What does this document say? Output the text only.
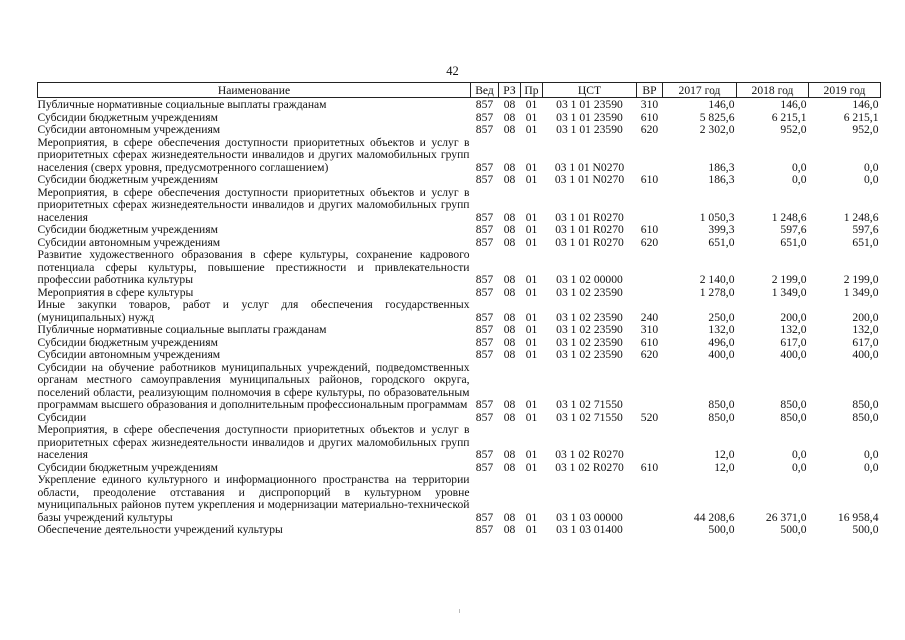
42
Наименование	Вед	РЗ	Пр	ЦСТ	ВР	2017 год	2018 год	2019 год
Публичные нормативные социальные выплаты гражданам	857	08	01	03 1 01 23590	310	146,0	146,0	146,0
Субсидии бюджетным учреждениям	857	08	01	03 1 01 23590	610	5 825,6	6 215,1	6 215,1
Субсидии автономным учреждениям	857	08	01	03 1 01 23590	620	2 302,0	952,0	952,0
Мероприятия, в сфере обеспечения доступности приоритетных объектов и услуг в приоритетных сферах жизнедеятельности инвалидов и других маломобильных групп населения (сверх уровня, предусмотренного соглашением)	857	08	01	03 1 01 N0270		186,3	0,0	0,0
Субсидии бюджетным учреждениям	857	08	01	03 1 01 N0270	610	186,3	0,0	0,0
Мероприятия, в сфере обеспечения доступности приоритетных объектов и услуг в приоритетных сферах жизнедеятельности инвалидов и других маломобильных групп населения	857	08	01	03 1 01 R0270		1 050,3	1 248,6	1 248,6
Субсидии бюджетным учреждениям	857	08	01	03 1 01 R0270	610	399,3	597,6	597,6
Субсидии автономным учреждениям	857	08	01	03 1 01 R0270	620	651,0	651,0	651,0
Развитие художественного образования в сфере культуры, сохранение кадрового потенциала сферы культуры, повышение престижности и привлекательности профессии работника культуры	857	08	01	03 1 02 00000		2 140,0	2 199,0	2 199,0
Мероприятия в сфере культуры	857	08	01	03 1 02 23590		1 278,0	1 349,0	1 349,0
Иные закупки товаров, работ и услуг для обеспечения государственных (муниципальных) нужд	857	08	01	03 1 02 23590	240	250,0	200,0	200,0
Публичные нормативные социальные выплаты гражданам	857	08	01	03 1 02 23590	310	132,0	132,0	132,0
Субсидии бюджетным учреждениям	857	08	01	03 1 02 23590	610	496,0	617,0	617,0
Субсидии автономным учреждениям	857	08	01	03 1 02 23590	620	400,0	400,0	400,0
Субсидии на обучение работников муниципальных учреждений, подведомственных органам местного самоуправления муниципальных районов, городского округа, поселений области, реализующим полномочия в сфере культуры, по образовательным программам высшего образования и дополнительным профессиональным программам	857	08	01	03 1 02 71550		850,0	850,0	850,0
Субсидии	857	08	01	03 1 02 71550	520	850,0	850,0	850,0
Мероприятия, в сфере обеспечения доступности приоритетных объектов и услуг в приоритетных сферах жизнедеятельности инвалидов и других маломобильных групп населения	857	08	01	03 1 02 R0270		12,0	0,0	0,0
Субсидии бюджетным учреждениям	857	08	01	03 1 02 R0270	610	12,0	0,0	0,0
Укрепление единого культурного и информационного пространства на территории области, преодоление отставания и диспропорций в культурном уровне муниципальных районов путем укрепления и модернизации материально-технической базы учреждений культуры	857	08	01	03 1 03 00000		44 208,6	26 371,0	16 958,4
Обеспечение деятельности учреждений культуры	857	08	01	03 1 03 01400		500,0	500,0	500,0
